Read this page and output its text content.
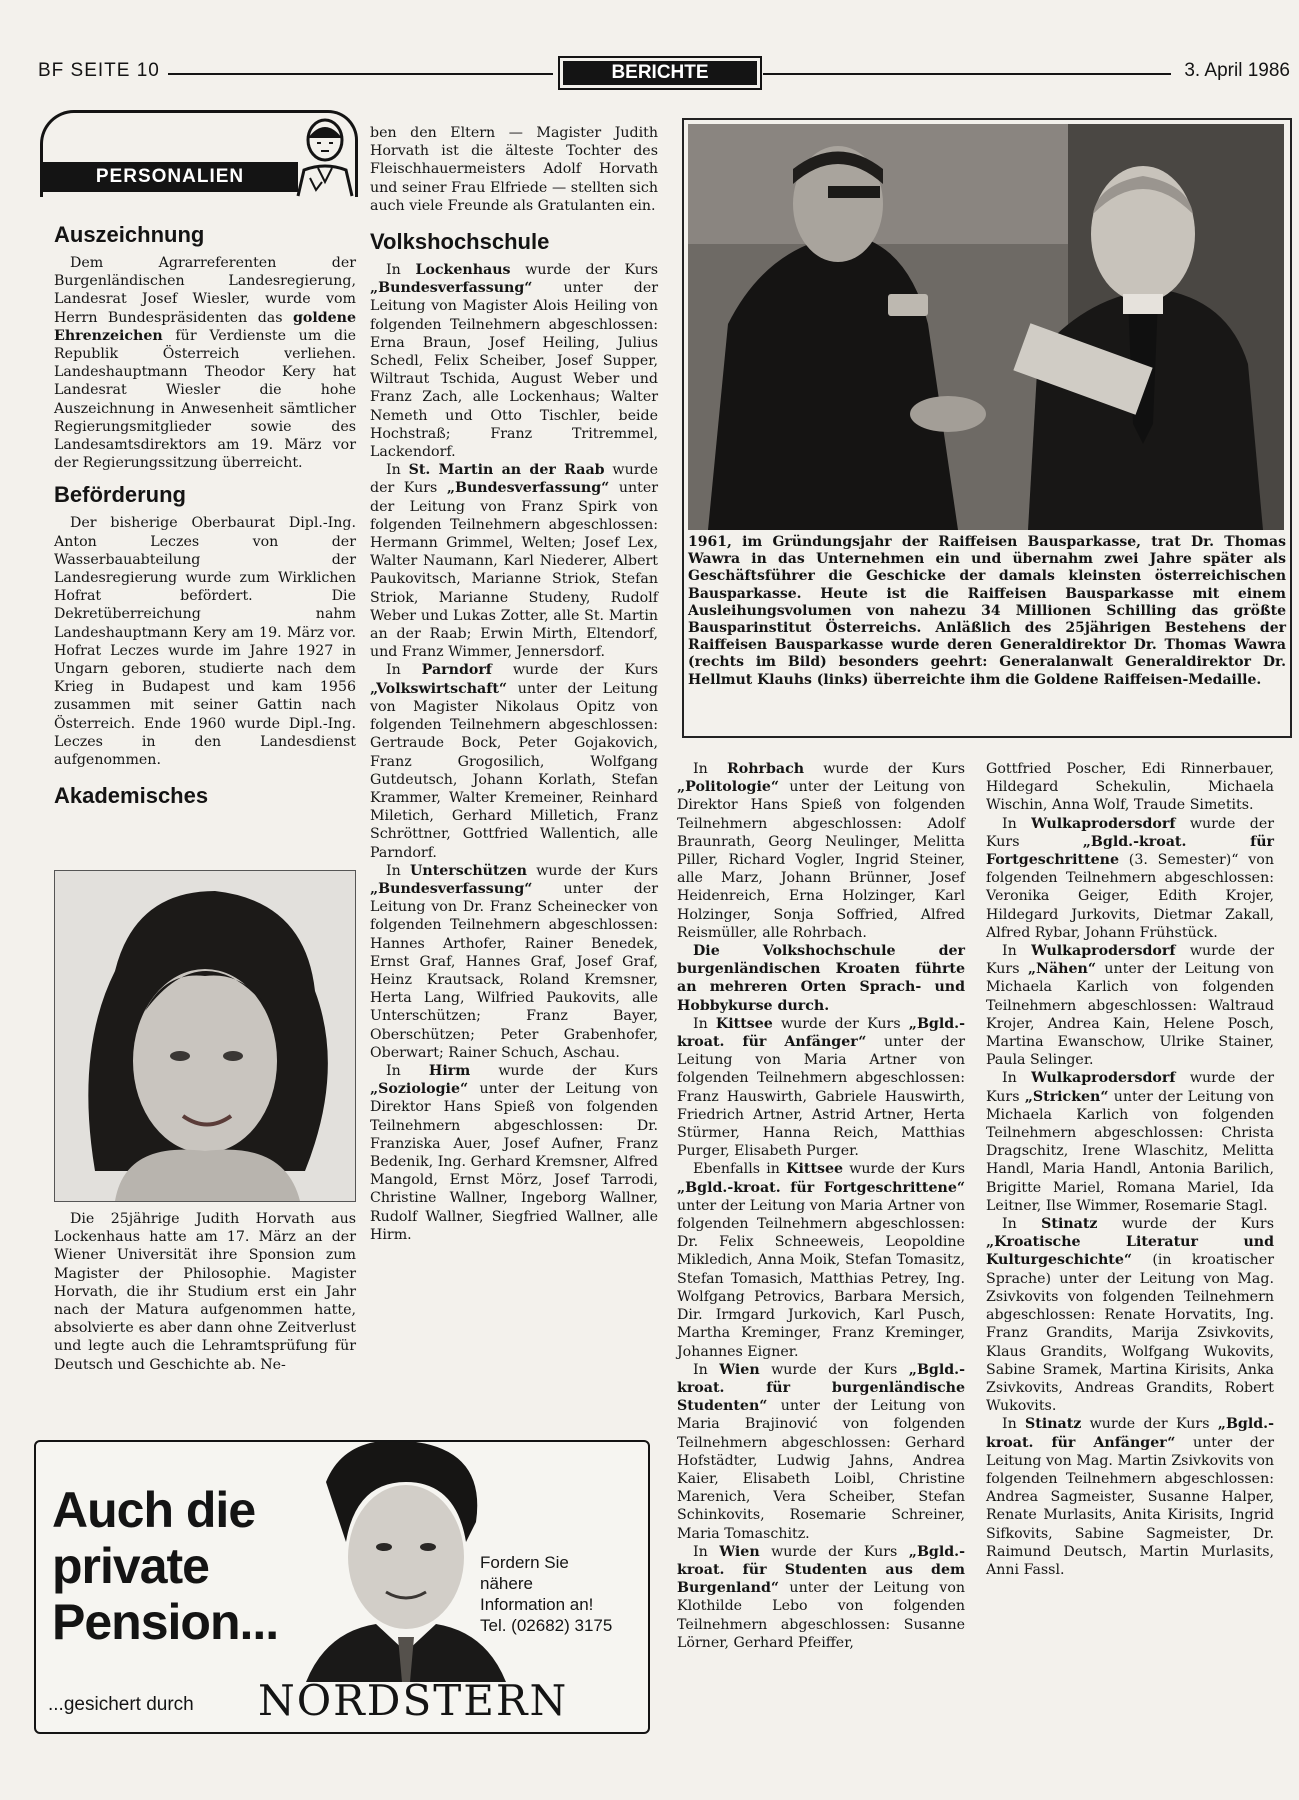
BF SEITE 10	BERICHTE	3. April 1986
PERSONALIEN
Auszeichnung

Dem Agrarreferenten der Burgenländischen Landesregierung, Landesrat Josef Wiesler, wurde vom Herrn Bundespräsidenten das goldene Ehrenzeichen für Verdienste um die Republik Österreich verliehen. Landeshauptmann Theodor Kery hat Landesrat Wiesler die hohe Auszeichnung in Anwesenheit sämtlicher Regierungsmitglieder sowie des Landesamtsdirektors am 19. März vor der Regierungssitzung überreicht.

Beförderung

Der bisherige Oberbaurat Dipl.-Ing. Anton Leczes von der Wasserbauabteilung der Landesregierung wurde zum Wirklichen Hofrat befördert. Die Dekretüberreichung nahm Landeshauptmann Kery am 19. März vor. Hofrat Leczes wurde im Jahre 1927 in Ungarn geboren, studierte nach dem Krieg in Budapest und kam 1956 zusammen mit seiner Gattin nach Österreich. Ende 1960 wurde Dipl.-Ing. Leczes in den Landesdienst aufgenommen.

Akademisches

Die 25jährige Judith Horvath aus Lockenhaus hatte am 17. März an der Wiener Universität ihre Sponsion zum Magister der Philosophie. Magister Horvath, die ihr Studium erst ein Jahr nach der Matura aufgenommen hatte, absolvierte es aber dann ohne Zeitverlust und legte auch die Lehramtsprüfung für Deutsch und Geschichte ab. Ne-

ben den Eltern — Magister Judith Horvath ist die älteste Tochter des Fleischhauermeisters Adolf Horvath und seiner Frau Elfriede — stellten sich auch viele Freunde als Gratulanten ein.

Volkshochschule

In Lockenhaus wurde der Kurs „Bundesverfassung“ unter der Leitung von Magister Alois Heiling von folgenden Teilnehmern abgeschlossen: Erna Braun, Josef Heiling, Julius Schedl, Felix Scheiber, Josef Supper, Wiltraut Tschida, August Weber und Franz Zach, alle Lockenhaus; Walter Nemeth und Otto Tischler, beide Hochstraß; Franz Tritremmel, Lackendorf.

In St. Martin an der Raab wurde der Kurs „Bundesverfassung“ unter der Leitung von Franz Spirk von folgenden Teilnehmern abgeschlossen: Hermann Grimmel, Welten; Josef Lex, Walter Naumann, Karl Niederer, Albert Paukovitsch, Marianne Striok, Stefan Striok, Marianne Studeny, Rudolf Weber und Lukas Zotter, alle St. Martin an der Raab; Erwin Mirth, Eltendorf, und Franz Wimmer, Jennersdorf.

In Parndorf wurde der Kurs „Volkswirtschaft“ unter der Leitung von Magister Nikolaus Opitz von folgenden Teilnehmern abgeschlossen: Gertraude Bock, Peter Gojakovich, Franz Grogosilich, Wolfgang Gutdeutsch, Johann Korlath, Stefan Krammer, Walter Kremeiner, Reinhard Miletich, Gerhard Milletich, Franz Schröttner, Gottfried Wallentich, alle Parndorf.

In Unterschützen wurde der Kurs „Bundesverfassung“ unter der Leitung von Dr. Franz Scheinecker von folgenden Teilnehmern abgeschlossen: Hannes Arthofer, Rainer Benedek, Ernst Graf, Hannes Graf, Josef Graf, Heinz Krautsack, Roland Kremsner, Herta Lang, Wilfried Paukovits, alle Unterschützen; Franz Bayer, Oberschützen; Peter Grabenhofer, Oberwart; Rainer Schuch, Aschau.

In Hirm wurde der Kurs „Soziologie“ unter der Leitung von Direktor Hans Spieß von folgenden Teilnehmern abgeschlossen: Dr. Franziska Auer, Josef Aufner, Franz Bedenik, Ing. Gerhard Kremsner, Alfred Mangold, Ernst Mörz, Josef Tarrodi, Christine Wallner, Ingeborg Wallner, Rudolf Wallner, Siegfried Wallner, alle Hirm.

1961, im Gründungsjahr der Raiffeisen Bausparkasse, trat Dr. Thomas Wawra in das Unternehmen ein und übernahm zwei Jahre später als Geschäftsführer die Geschicke der damals kleinsten österreichischen Bausparkasse. Heute ist die Raiffeisen Bausparkasse mit einem Ausleihungsvolumen von nahezu 34 Millionen Schilling das größte Bausparinstitut Österreichs. Anläßlich des 25jährigen Bestehens der Raiffeisen Bausparkasse wurde deren Generaldirektor Dr. Thomas Wawra (rechts im Bild) besonders geehrt: Generalanwalt Generaldirektor Dr. Hellmut Klauhs (links) überreichte ihm die Goldene Raiffeisen-Medaille.

In Rohrbach wurde der Kurs „Politologie“ unter der Leitung von Direktor Hans Spieß von folgenden Teilnehmern abgeschlossen: Adolf Braunrath, Georg Neulinger, Melitta Piller, Richard Vogler, Ingrid Steiner, alle Marz, Johann Brünner, Josef Heidenreich, Erna Holzinger, Karl Holzinger, Sonja Soffried, Alfred Reismüller, alle Rohrbach.

Die Volkshochschule der burgenländischen Kroaten führte an mehreren Orten Sprach- und Hobbykurse durch.

In Kittsee wurde der Kurs „Bgld.-kroat. für Anfänger“ unter der Leitung von Maria Artner von folgenden Teilnehmern abgeschlossen: Franz Hauswirth, Gabriele Hauswirth, Friedrich Artner, Astrid Artner, Herta Stürmer, Hanna Reich, Matthias Purger, Elisabeth Purger.

Ebenfalls in Kittsee wurde der Kurs „Bgld.-kroat. für Fortgeschrittene“ unter der Leitung von Maria Artner von folgenden Teilnehmern abgeschlossen: Dr. Felix Schneeweis, Leopoldine Mikledich, Anna Moik, Stefan Tomasitz, Stefan Tomasich, Matthias Petrey, Ing. Wolfgang Petrovics, Barbara Mersich, Dir. Irmgard Jurkovich, Karl Pusch, Martha Kreminger, Franz Kreminger, Johannes Eigner.

In Wien wurde der Kurs „Bgld.-kroat. für burgenländische Studenten“ unter der Leitung von Maria Brajinović von folgenden Teilnehmern abgeschlossen: Gerhard Hofstädter, Ludwig Jahns, Andrea Kaier, Elisabeth Loibl, Christine Marenich, Vera Scheiber, Stefan Schinkovits, Rosemarie Schreiner, Maria Tomaschitz.

In Wien wurde der Kurs „Bgld.-kroat. für Studenten aus dem Burgenland“ unter der Leitung von Klothilde Lebo von folgenden Teilnehmern abgeschlossen: Susanne Lörner, Gerhard Pfeiffer,

Gottfried Poscher, Edi Rinnerbauer, Hildegard Schekulin, Michaela Wischin, Anna Wolf, Traude Simetits.

In Wulkaprodersdorf wurde der Kurs „Bgld.-kroat. für Fortgeschrittene (3. Semester)“ von folgenden Teilnehmern abgeschlossen: Veronika Geiger, Edith Krojer, Hildegard Jurkovits, Dietmar Zakall, Alfred Rybar, Johann Frühstück.

In Wulkaprodersdorf wurde der Kurs „Nähen“ unter der Leitung von Michaela Karlich von folgenden Teilnehmern abgeschlossen: Waltraud Krojer, Andrea Kain, Helene Posch, Martina Ewanschow, Ulrike Stainer, Paula Selinger.

In Wulkaprodersdorf wurde der Kurs „Stricken“ unter der Leitung von Michaela Karlich von folgenden Teilnehmern abgeschlossen: Christa Dragschitz, Irene Wlaschitz, Melitta Handl, Maria Handl, Antonia Barilich, Brigitte Mariel, Romana Mariel, Ida Leitner, Ilse Wimmer, Rosemarie Stagl.

In Stinatz wurde der Kurs „Kroatische Literatur und Kulturgeschichte“ (in kroatischer Sprache) unter der Leitung von Mag. Zsivkovits von folgenden Teilnehmern abgeschlossen: Renate Horvatits, Ing. Franz Grandits, Marija Zsivkovits, Klaus Grandits, Wolfgang Wukovits, Sabine Sramek, Martina Kirisits, Anka Zsivkovits, Andreas Grandits, Robert Wukovits.

In Stinatz wurde der Kurs „Bgld.-kroat. für Anfänger“ unter der Leitung von Mag. Martin Zsivkovits von folgenden Teilnehmern abgeschlossen: Andrea Sagmeister, Susanne Halper, Renate Murlasits, Anita Kirisits, Ingrid Sifkovits, Sabine Sagmeister, Dr. Raimund Deutsch, Martin Murlasits, Anni Fassl.

Auch die
private
Pension...
Fordern Sie
nähere
Information an!
Tel. (02682) 3175
...gesichert durch NORDSTERN
